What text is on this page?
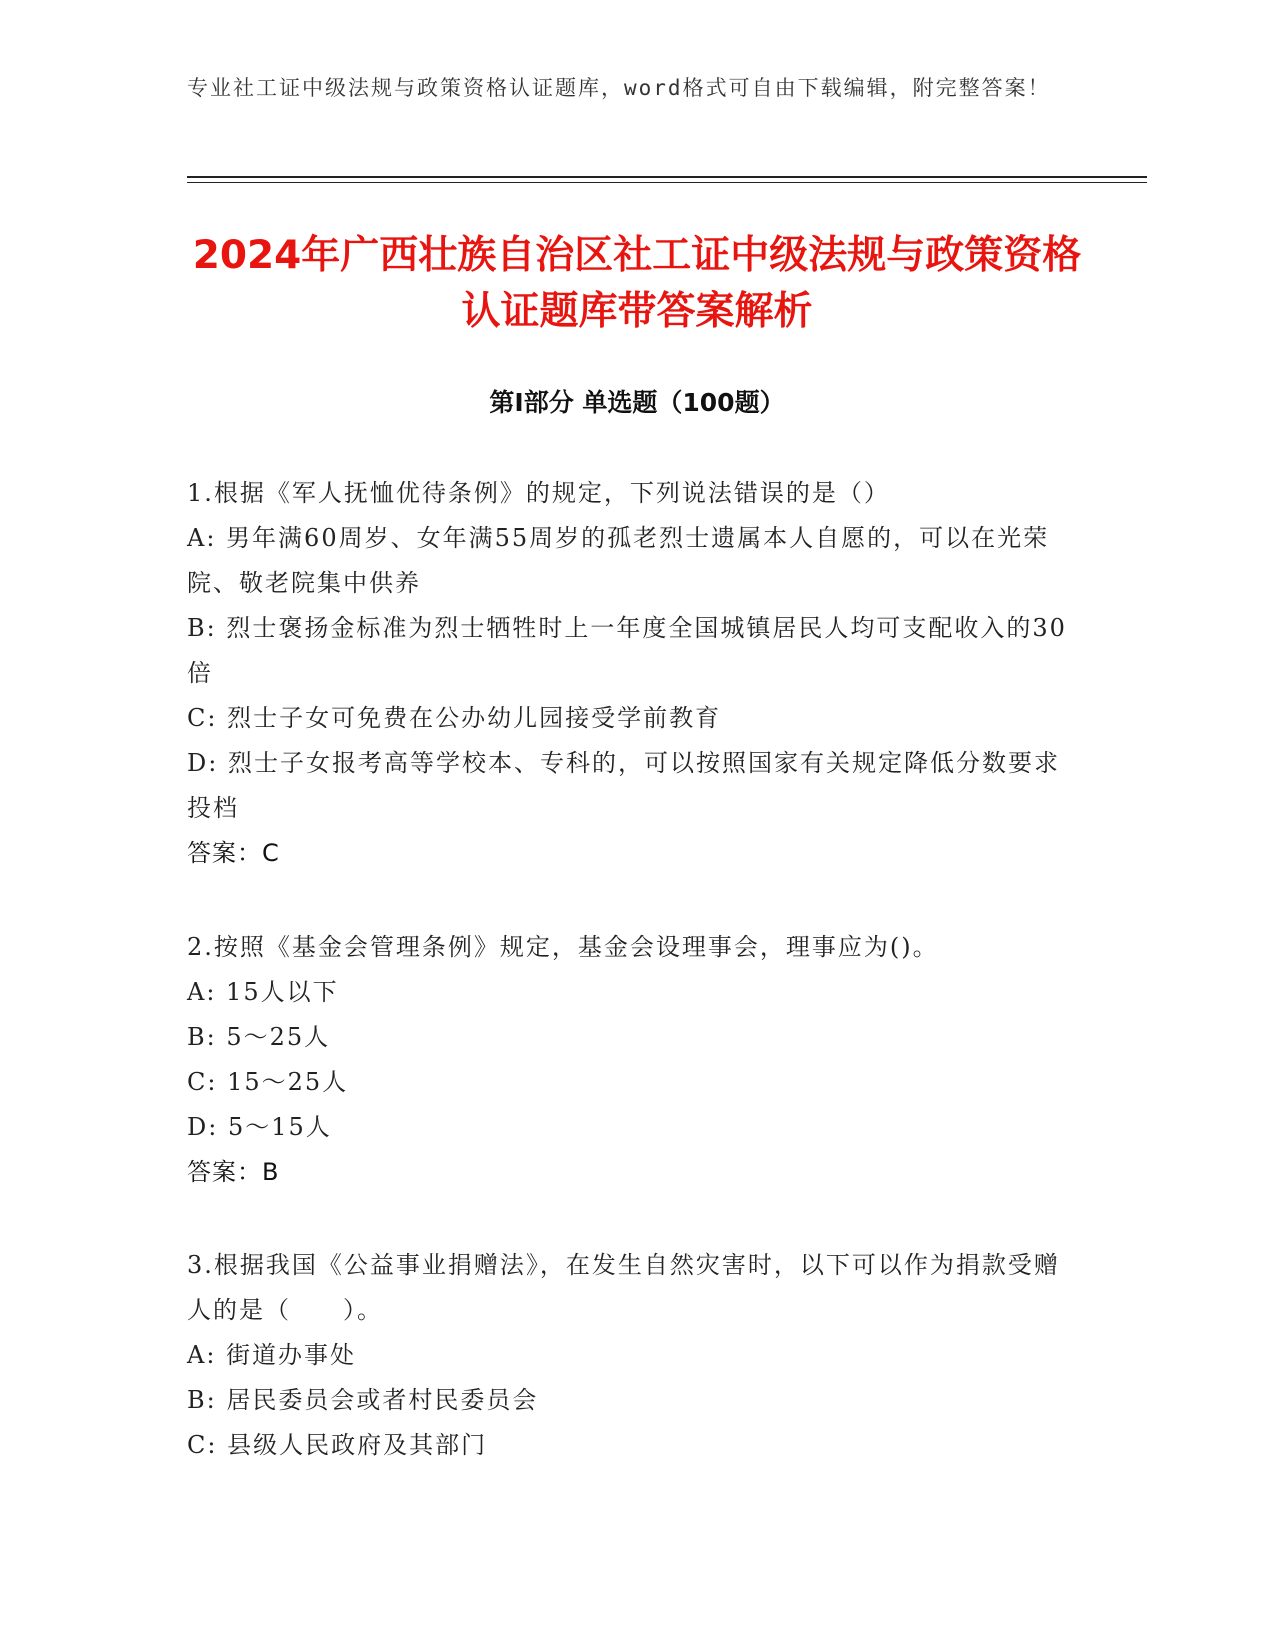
专业社工证中级法规与政策资格认证题库，word格式可自由下载编辑，附完整答案！
2024年广西壮族自治区社工证中级法规与政策资格认证题库带答案解析
第I部分 单选题（100题）

1.根据《军人抚恤优待条例》的规定，下列说法错误的是（）

A: 男年满60周岁、女年满55周岁的孤老烈士遗属本人自愿的，可以在光荣院、敬老院集中供养

B: 烈士褒扬金标准为烈士牺牲时上一年度全国城镇居民人均可支配收入的30倍

C: 烈士子女可免费在公办幼儿园接受学前教育

D: 烈士子女报考高等学校本、专科的，可以按照国家有关规定降低分数要求投档

答案：C

2.按照《基金会管理条例》规定，基金会设理事会，理事应为()。

A: 15人以下

B: 5～25人

C: 15～25人

D: 5～15人

答案：B

3.根据我国《公益事业捐赠法》，在发生自然灾害时，以下可以作为捐款受赠人的是（　　）。

A: 街道办事处

B: 居民委员会或者村民委员会

C: 县级人民政府及其部门
